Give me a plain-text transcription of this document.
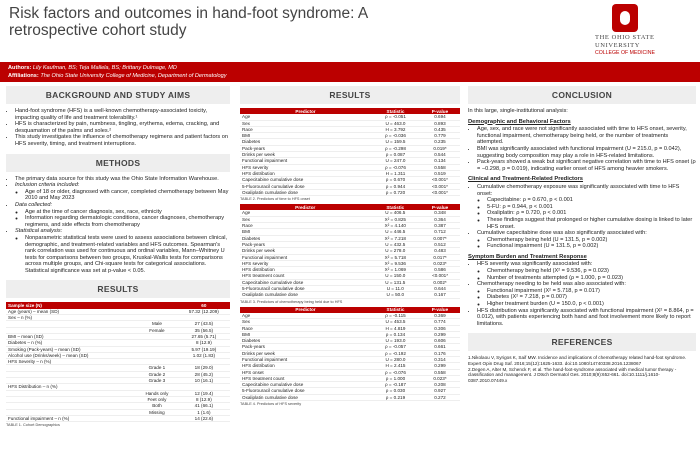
Risk factors and outcomes in hand-foot syndrome: A retrospective cohort study	THE OHIO STATE
UNIVERSITY
COLLEGE OF MEDICINE
Authors: Lily Kaufman, BS; Teja Mallela, BS; Brittany Dulmage, MD
Affiliations: The Ohio State University College of Medicine, Department of Dermatology
BACKGROUND AND STUDY AIMS
• Hand-foot syndrome (HFS) is a well-known chemotherapy-associated toxicity, impacting quality of life and treatment tolerability.¹
• HFS is characterized by pain, numbness, tingling, erythema, edema, cracking, and desquamation of the palms and soles.²
• This study investigates the influence of chemotherapy regimens and patient factors on HFS severity, timing, and treatment interruptions.
METHODS
• The primary data source for this study was the Ohio State Information Warehouse.
• Inclusion criteria included:
◦ Age of 18 or older, diagnosed with cancer, completed chemotherapy between May 2010 and May 2023
• Data collected:
◦ Age at the time of cancer diagnosis, sex, race, ethnicity
◦ Information regarding dermatologic conditions, cancer diagnoses, chemotherapy regimens, and side effects from chemotherapy
• Statistical analysis:
◦ Nonparametric statistical tests were used to assess associations between clinical, demographic, and treatment-related variables and HFS outcomes. Spearman's rank correlation was used for continuous and ordinal variables, Mann–Whitney U tests for comparisons between two groups, Kruskal-Wallis tests for comparisons across multiple groups, and Chi-square tests for categorical associations. Statistical significance was set at p-value < 0.05.
RESULTS
Sample size (N)		60
Age (years) – mean (SD)		57.32 (12.209)
Sex – n (%)		
	Male	27 (43.5)
	Female	35 (56.5)
BMI – mean (SD)		27.65 (5.71)
Diabetes – n (%)		8 (12.9)
Smoking (Pack-years) – mean (SD)		5.97 (19.19)
Alcohol use (Drinks/week) – mean (SD)		1.02 (1.83)
HFS Severity – n (%)		
	Grade 1	18 (29.0)
	Grade 2	28 (45.2)
	Grade 3	10 (16.1)
HFS Distribution – n (%)		
	Hands only	12 (19.4)
	Feet only	8 (12.9)
	Both	41 (66.1)
	Missing	1 (1.6)
Functional impairment – n (%)		14 (22.6)
TABLE 1. Cohort Demographics
RESULTS
Predictor	Statistic	P-value
Age	ρ = -0.051	0.694
Sex	U = 463.0	0.893
Race	H = 3.792	0.435
BMI	ρ = -0.036	0.779
Diabetes	U = 159.5	0.235
Pack-years	ρ = -0.298	0.019*
Drinks per week	ρ = 0.087	0.544
Functional impairment	U = 247.0	0.134
HFS severity	ρ = -0.076	0.558
HFS distribution	H = 1.311	0.519
Capecitabine cumulative dose	ρ = 0.670	<0.001*
5-Fluorouracil cumulative dose	ρ = 0.944	<0.001*
Oxaliplatin cumulative dose	ρ = 0.720	<0.001*
TABLE 2. Predictors of time to HFS onset
Predictor	Statistic	P-value
Age	U = 406.5	0.348
Sex	X² = 0.825	0.364
Race	X² = 4.140	0.387
BMI	U = 446.5	0.712
Diabetes	X² = 7.218	0.007*
Pack-years	U = 432.5	0.512
Drinks per week	U = 278.0	0.483
Functional impairment	X² = 5.718	0.017*
HFS severity	X² = 9.536	0.023*
HFS distribution	X² = 1.069	0.586
HFS treatment count	U = 150.0	<0.001*
Capecitabine cumulative dose	U = 131.5	0.002*
5-Fluorouracil cumulative dose	U = 11.0	0.644
Oxaliplatin cumulative dose	U = 50.0	0.167
TABLE 3. Predictors of chemotherapy being held due to HFS
Predictor	Statistic	P-value
Age	ρ = -0.115	0.369
Sex	U = 453.5	0.774
Race	H = 4.819	0.306
BMI	ρ = 0.134	0.299
Diabetes	U = 193.0	0.606
Pack-years	ρ = -0.057	0.661
Drinks per week	ρ = -0.192	0.176
Functional impairment	U = 280.0	0.314
HFS distribution	H = 2.415	0.299
HFS onset	ρ = -0.076	0.558
HFS treatment count	ρ = 1.000	0.023*
Capecitabine cumulative dose	ρ = -0.187	0.208
5-Fluorouracil cumulative dose	ρ = 0.030	0.927
Oxaliplatin cumulative dose	ρ = 0.219	0.272
TABLE 4. Predictors of HFS severity
CONCLUSION
In this large, single-institutional analysis:
Demographic and Behavioral Factors
• Age, sex, and race were not significantly associated with time to HFS onset, severity, functional impairment, chemotherapy being held, or the number of treatments attempted.
• BMI was significantly associated with functional impairment (U = 215.0, p = 0.042), suggesting body composition may play a role in HFS-related limitations.
• Pack-years showed a weak but significant negative correlation with time to HFS onset (ρ = −0.298, p = 0.019), indicating earlier onset of HFS among heavier smokers.
Clinical and Treatment-Related Predictors
• Cumulative chemotherapy exposure was significantly associated with time to HFS onset:
◦ Capecitabine: ρ = 0.670, p < 0.001
◦ 5-FU: ρ = 0.944, p < 0.001
◦ Oxaliplatin: ρ = 0.720, p < 0.001
◦ These findings suggest that prolonged or higher cumulative dosing is linked to later HFS onset.
• Cumulative capecitabine dose was also significantly associated with:
◦ Chemotherapy being held (U = 131.5, p = 0.002)
◦ Functional impairment (U = 131.5, p = 0.002)
Symptom Burden and Treatment Response
• HFS severity was significantly associated with:
◦ Chemotherapy being held (X² = 9.536, p = 0.023)
◦ Number of treatments attempted (ρ = 1.000, p = 0.023)
• Chemotherapy needing to be held was also associated with:
◦ Functional impairment (X² = 5.718, p = 0.017)
◦ Diabetes (X² = 7.218, p = 0.007)
◦ Higher treatment burden (U = 150.0, p < 0.001)
• HFS distribution was significantly associated with functional impairment (X² = 8.864, p = 0.012), with patients experiencing both hand and foot involvement more likely to report limitations.
REFERENCES
1.Nikolaou V, Syrigos K, Saif MW. Incidence and implications of chemotherapy related hand-foot syndrome. Expert Opin Drug Saf. 2016;15(12):1625-1633. doi:10.1080/14740338.2016.1238067
2.Degen A, Alter M, Schenck F, et al. The hand-foot-syndrome associated with medical tumor therapy - classification and management. J Dtsch Dermatol Ges. 2010;8(9):652-661. doi:10.1111/j.1610-0387.2010.07449.x
